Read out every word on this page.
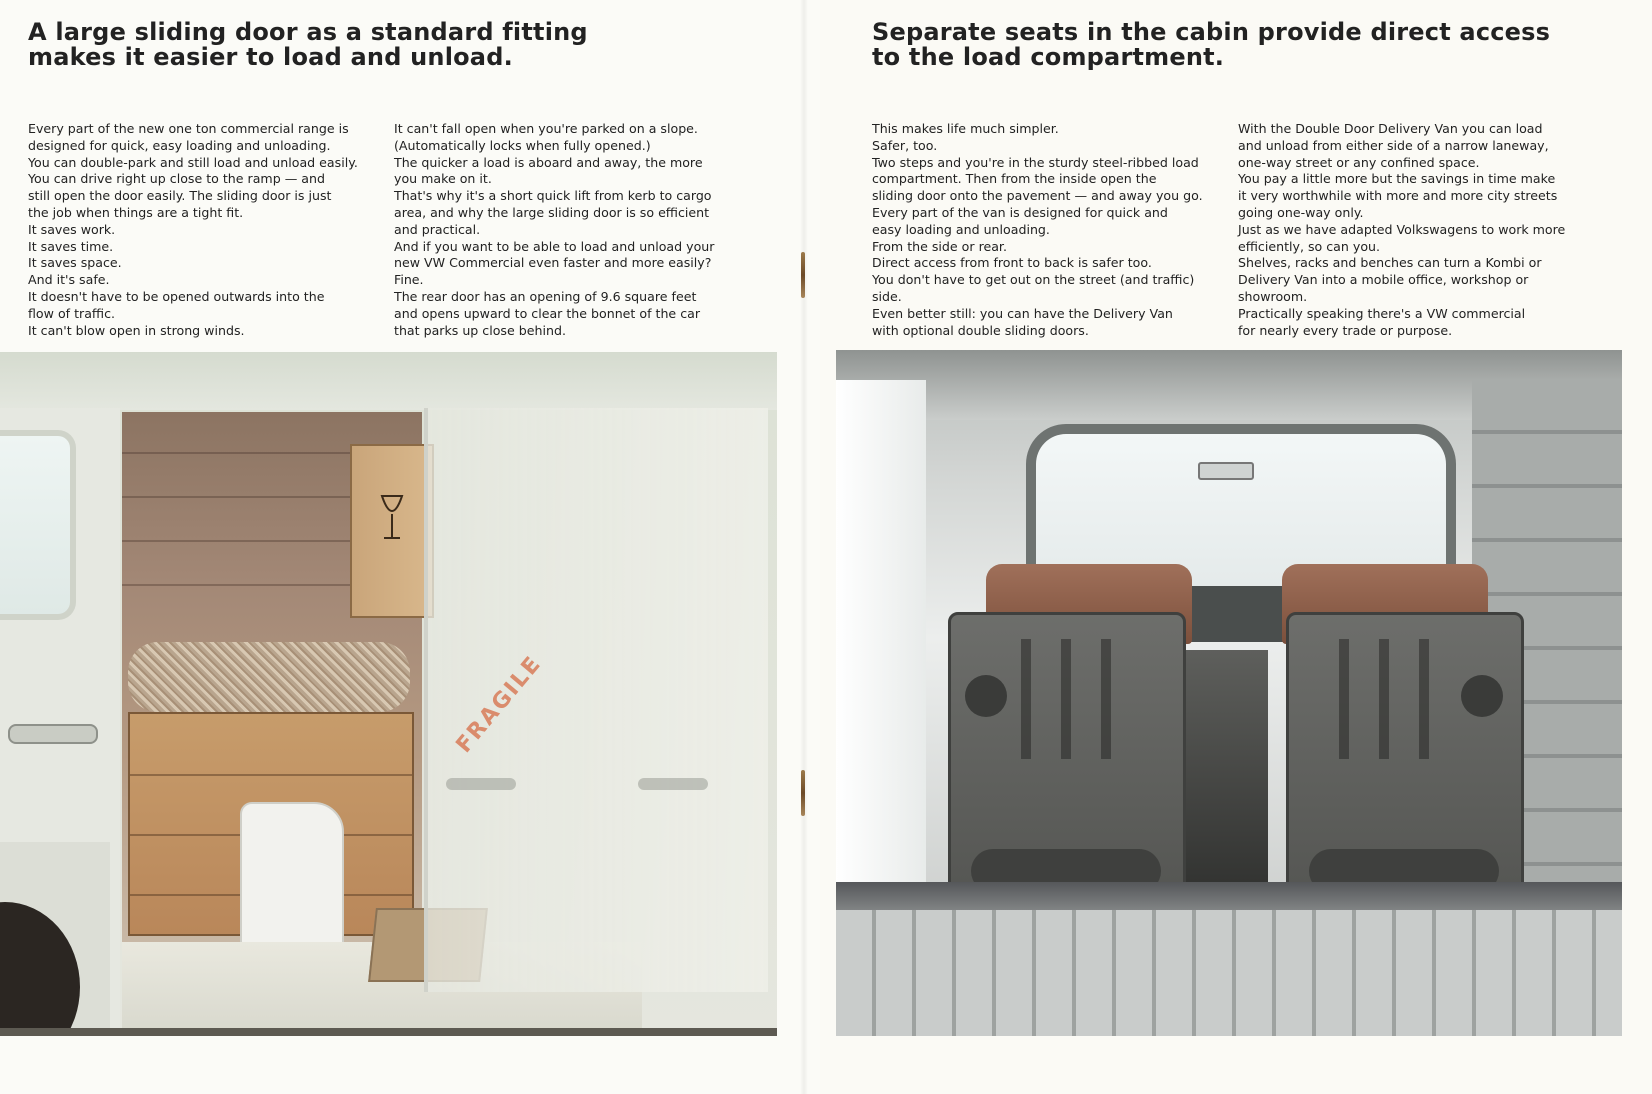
A large sliding door as a standard fitting
makes it easier to load and unload.
Every part of the new one ton commercial range is
designed for quick, easy loading and unloading.
You can double-park and still load and unload easily.
You can drive right up close to the ramp — and
still open the door easily. The sliding door is just
the job when things are a tight fit.
It saves work.
It saves time.
It saves space.
And it's safe.
It doesn't have to be opened outwards into the
flow of traffic.
It can't blow open in strong winds.
It can't fall open when you're parked on a slope.
(Automatically locks when fully opened.)
The quicker a load is aboard and away, the more
you make on it.
That's why it's a short quick lift from kerb to cargo
area, and why the large sliding door is so efficient
and practical.
And if you want to be able to load and unload your
new VW Commercial even faster and more easily?
Fine.
The rear door has an opening of 9.6 square feet
and opens upward to clear the bonnet of the car
that parks up close behind.
FRAGILE
Separate seats in the cabin provide direct access
to the load compartment.
This makes life much simpler.
Safer, too.
Two steps and you're in the sturdy steel-ribbed load
compartment. Then from the inside open the
sliding door onto the pavement — and away you go.
Every part of the van is designed for quick and
easy loading and unloading.
From the side or rear.
Direct access from front to back is safer too.
You don't have to get out on the street (and traffic)
side.
Even better still: you can have the Delivery Van
with optional double sliding doors.
With the Double Door Delivery Van you can load
and unload from either side of a narrow laneway,
one-way street or any confined space.
You pay a little more but the savings in time make
it very worthwhile with more and more city streets
going one-way only.
Just as we have adapted Volkswagens to work more
efficiently, so can you.
Shelves, racks and benches can turn a Kombi or
Delivery Van into a mobile office, workshop or
showroom.
Practically speaking there's a VW commercial
for nearly every trade or purpose.
